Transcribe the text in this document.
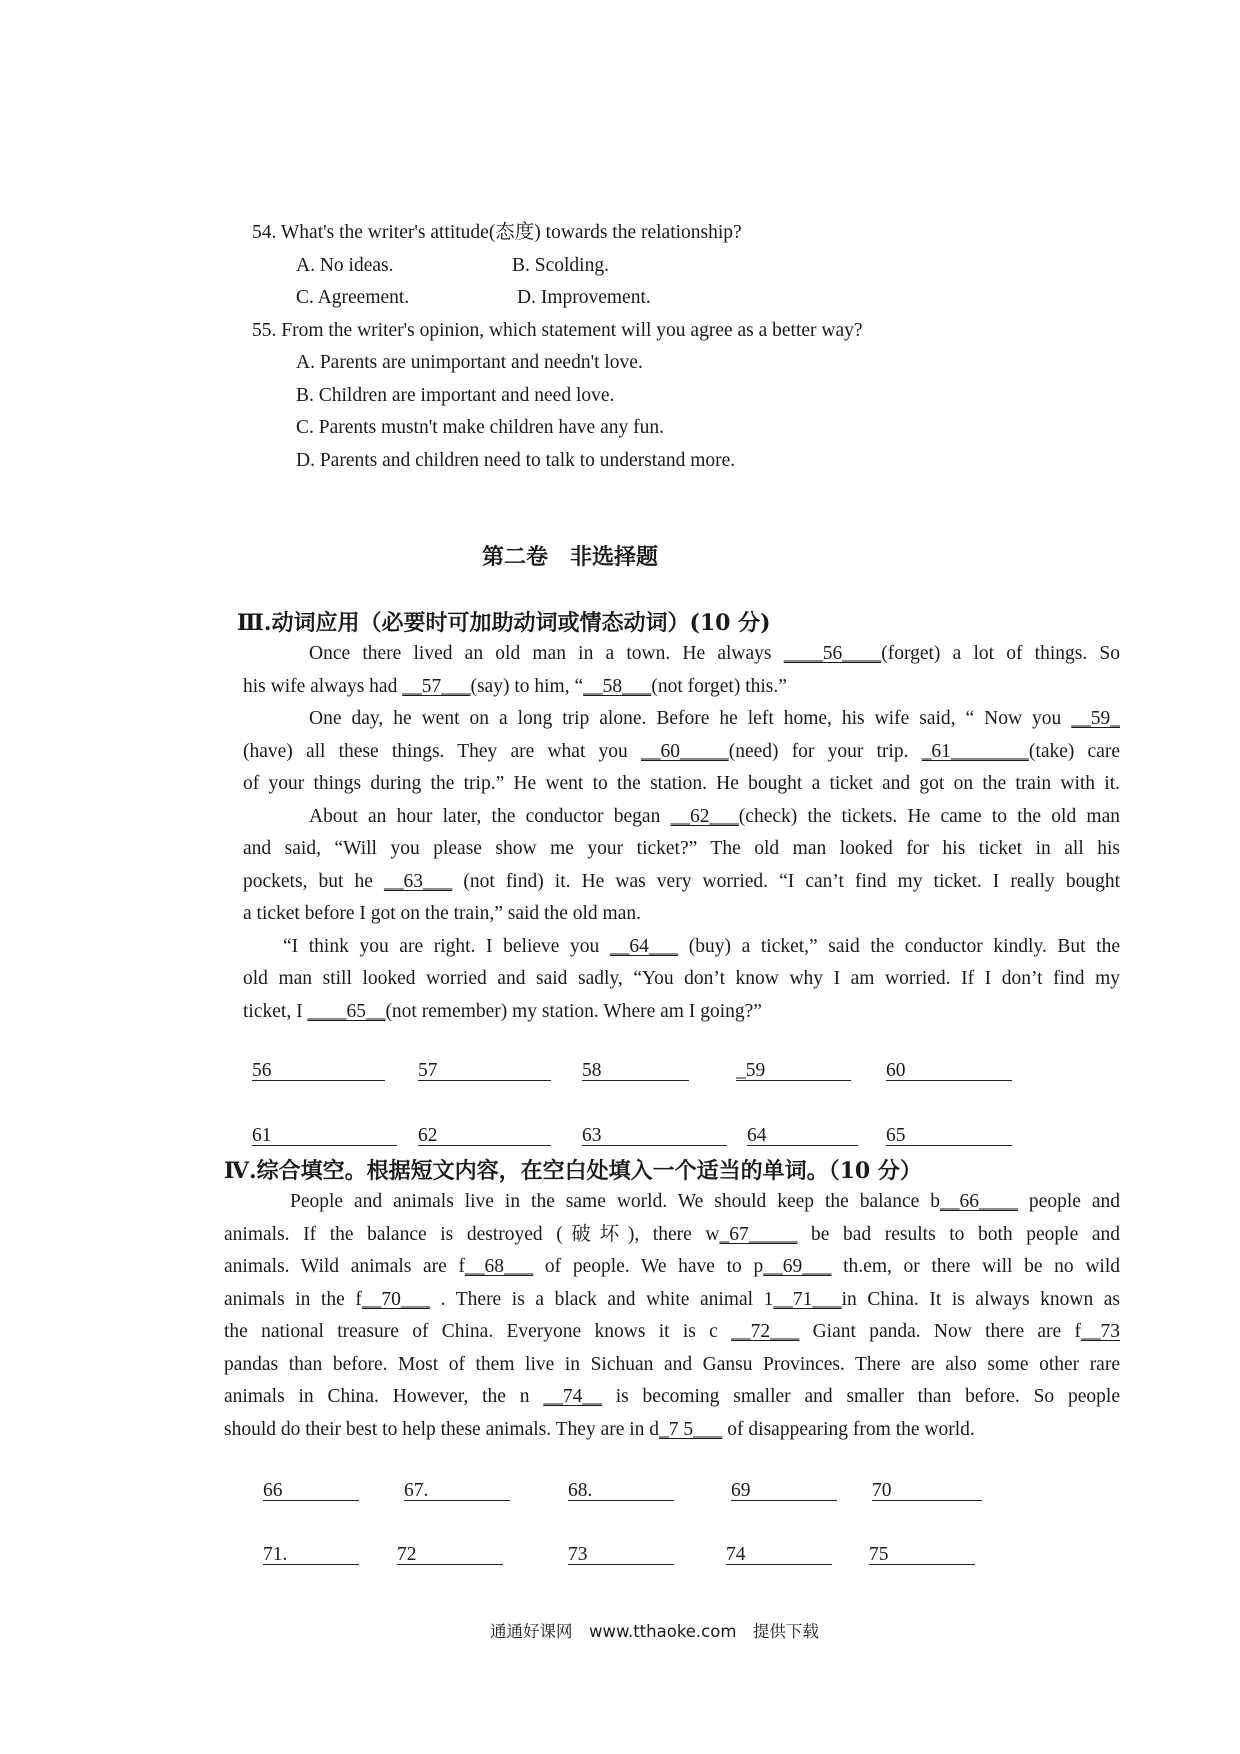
54. What's the writer's attitude(态度) towards the relationship?
A. No ideas.	B. Scolding.
C. Agreement.	D. Improvement.
55. From the writer's opinion, which statement will you agree as a better way?
A. Parents are unimportant and needn't love.
B. Children are important and need love.
C. Parents mustn't make children have any fun.
D. Parents and children need to talk to understand more.
第二卷　非选择题
Ⅲ.动词应用（必要时可加助动词或情态动词）(10 分)
Once there lived an old man in a town. He always ____56____(forget) a lot of things. So
his wife always had __57___(say) to him, “__58___(not forget) this.”
One day, he went on a long trip alone. Before he left home, his wife said, “ Now you __59_
(have) all these things. They are what you __60_____(need) for your trip. _61________(take) care
of your things during the trip.” He went to the station. He bought a ticket and got on the train with it.
About an hour later, the conductor began __62___(check) the tickets. He came to the old man
and said, “Will you please show me your ticket?” The old man looked for his ticket in all his
pockets, but he __63___ (not find) it. He was very worried. “I can’t find my ticket. I really bought
a ticket before I got on the train,” said the old man.
“I think you are right. I believe you __64___ (buy) a ticket,” said the conductor kindly. But the
old man still looked worried and said sadly, “You don’t know why I am worried. If I don’t find my
ticket, I ____65__(not remember) my station. Where am I going?”
56	57	58	_59	60
61	62	63	64	65
Ⅳ.综合填空。根据短文内容，在空白处填入一个适当的单词。（10 分）
People and animals live in the same world. We should keep the balance b__66____ people and
animals. If the balance is destroyed (破坏), there w_67_____ be bad results to both people and
animals. Wild animals are f__68___ of people. We have to p__69___ th.em, or there will be no wild
animals in the f__70___ . There is a black and white animal 1__71___in China. It is always known as
the national treasure of China. Everyone knows it is c __72___ Giant panda. Now there are f__73
pandas than before. Most of them live in Sichuan and Gansu Provinces. There are also some other rare
animals in China. However, the n __74__ is becoming smaller and smaller than before. So people
should do their best to help these animals. They are in d_7 5___ of disappearing from the world.
66	67.	68.	69	70
71.	72	73	74	75
通通好课网　www.tthaoke.com　提供下载
